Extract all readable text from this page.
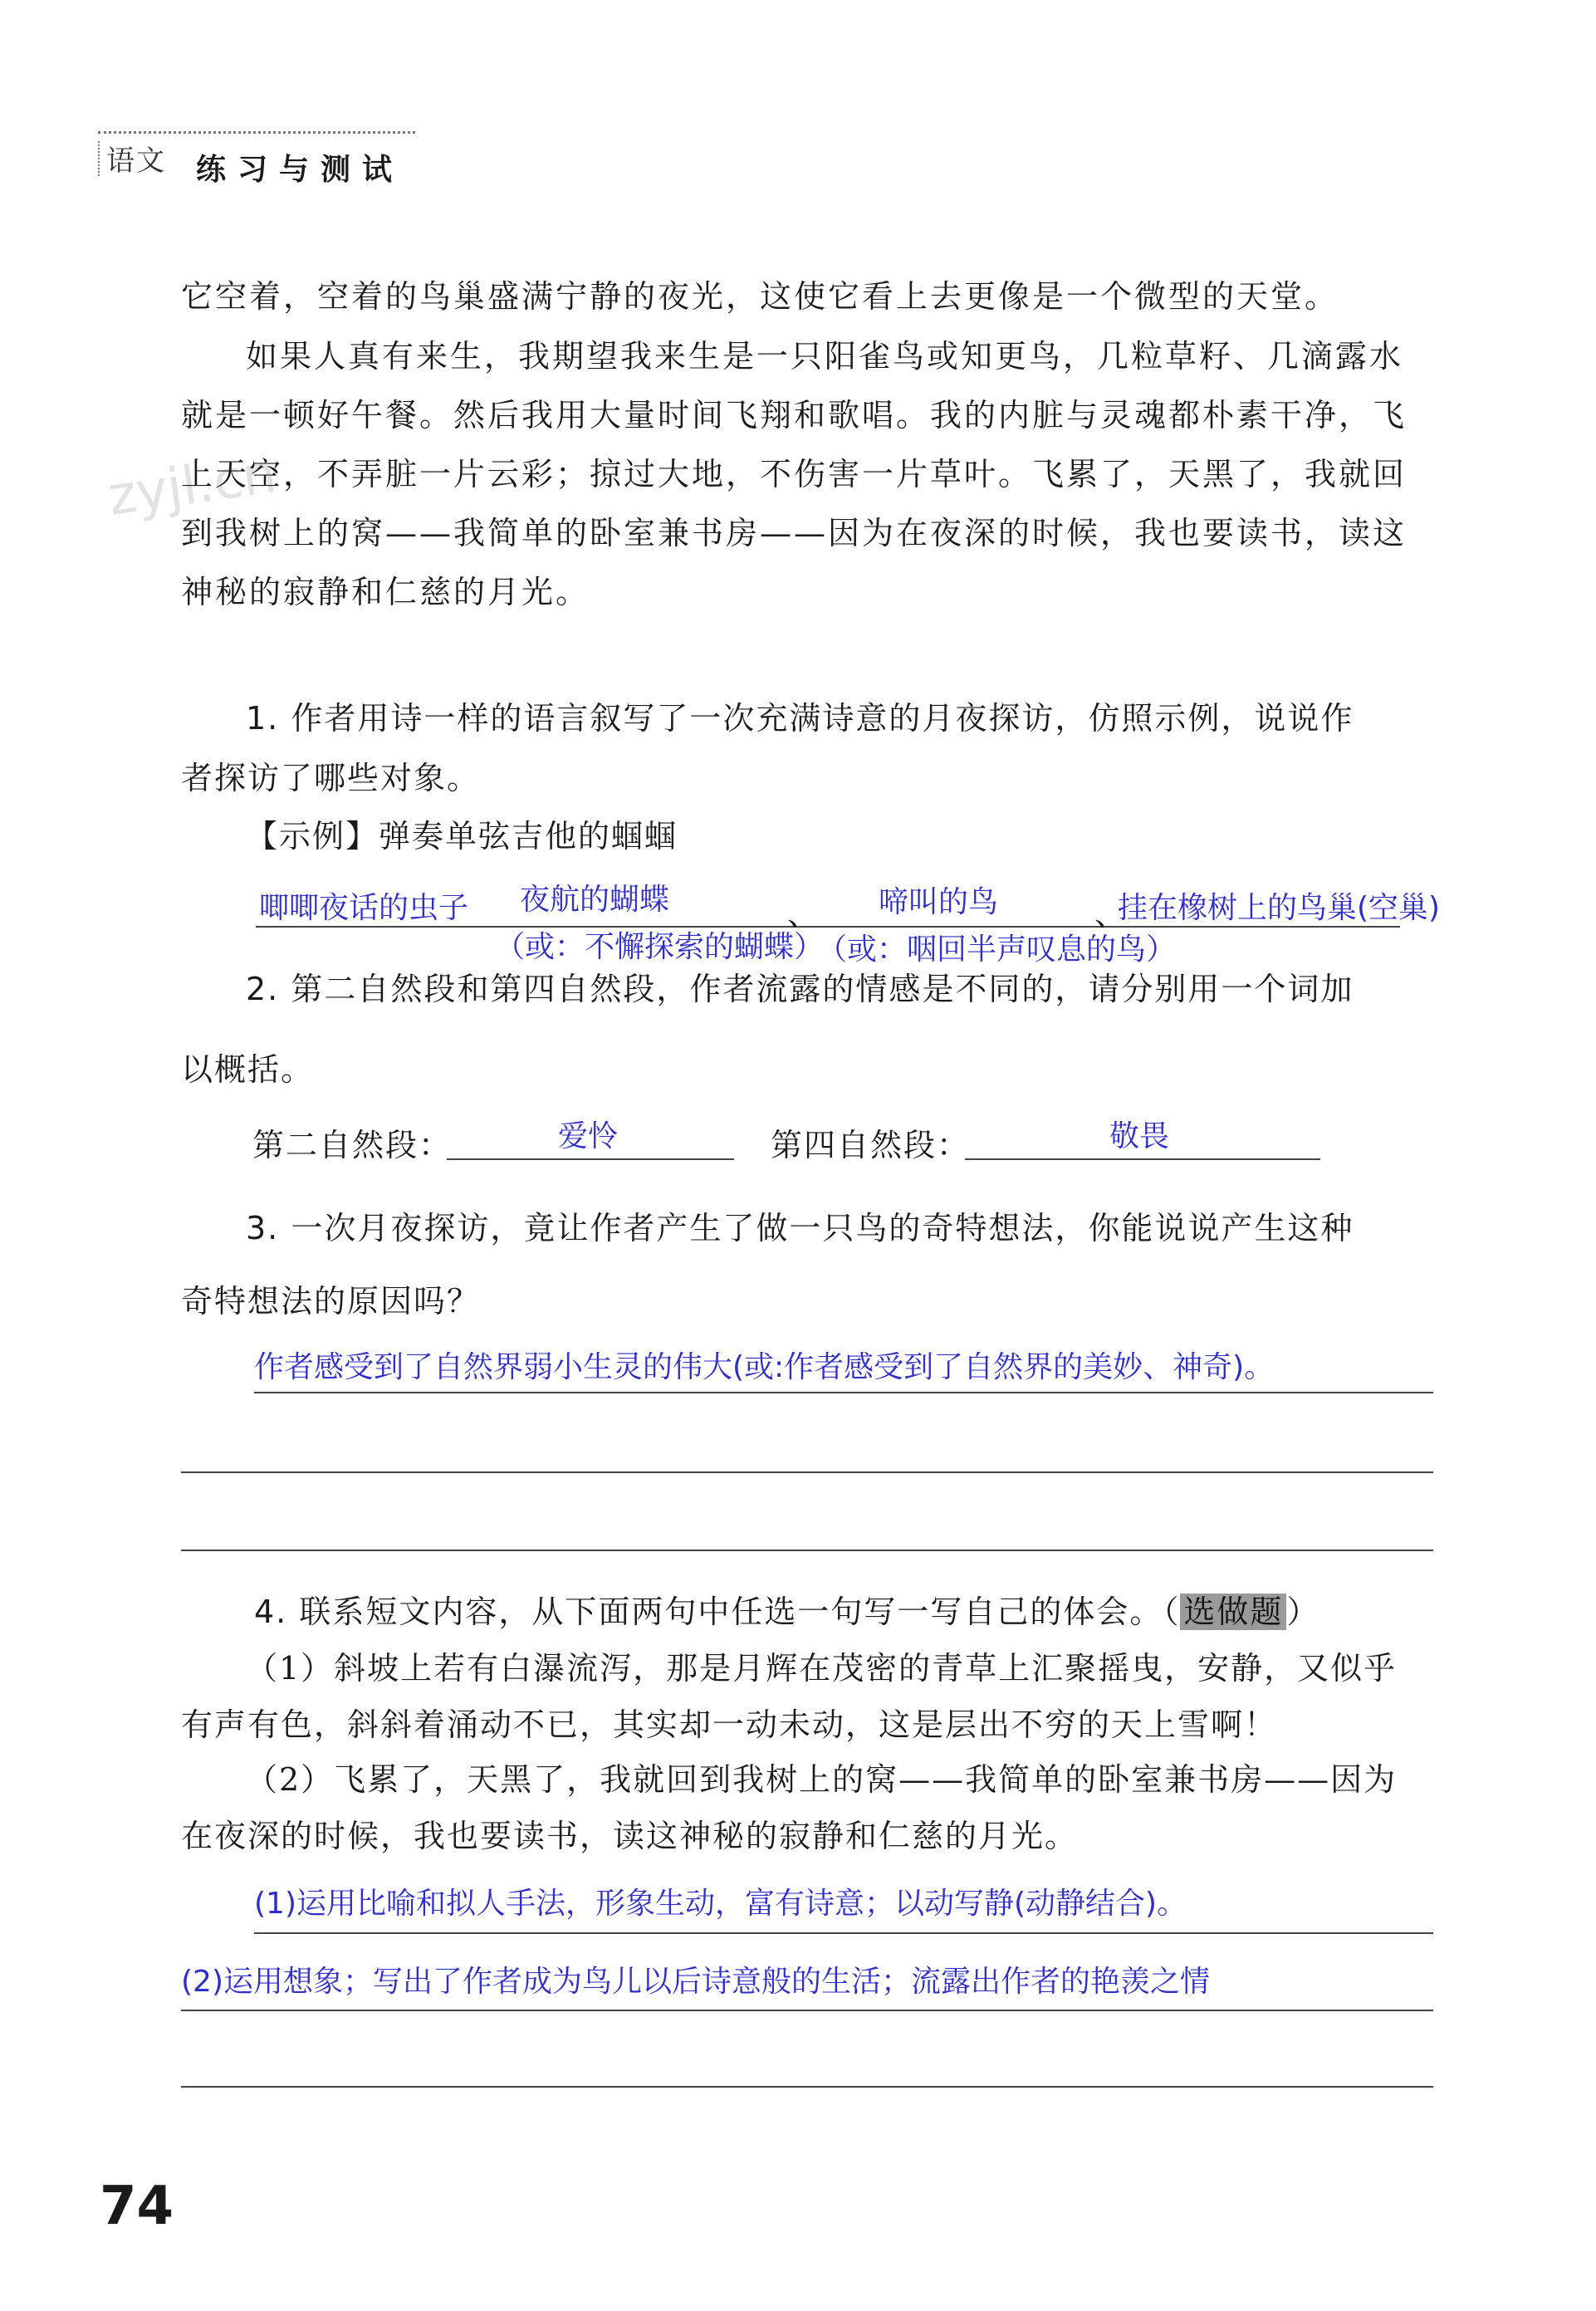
语文 练习与测试
zyjl.cn
它空着，空着的鸟巢盛满宁静的夜光，这使它看上去更像是一个微型的天堂。
如果人真有来生，我期望我来生是一只阳雀鸟或知更鸟，几粒草籽、几滴露水就是一顿好午餐。然后我用大量时间飞翔和歌唱。我的内脏与灵魂都朴素干净，飞上天空，不弄脏一片云彩；掠过大地，不伤害一片草叶。飞累了，天黑了，我就回到我树上的窝——我简单的卧室兼书房——因为在夜深的时候，我也要读书，读这神秘的寂静和仁慈的月光。
1. 作者用诗一样的语言叙写了一次充满诗意的月夜探访，仿照示例，说说作
者探访了哪些对象。
【示例】弹奏单弦吉他的蝈蝈
唧唧夜话的虫子 夜航的蝴蝶	、 啼叫的鸟	、
挂在橡树上的鸟巢(空巢)
（或：不懈探索的蝴蝶）
（或：咽回半声叹息的鸟）
2. 第二自然段和第四自然段，作者流露的情感是不同的，请分别用一个词加
以概括。
第二自然段：	爱怜	第四自然段：	敬畏
3. 一次月夜探访，竟让作者产生了做一只鸟的奇特想法，你能说说产生这种
奇特想法的原因吗？
作者感受到了自然界弱小生灵的伟大(或:作者感受到了自然界的美妙、神奇)。
4. 联系短文内容，从下面两句中任选一句写一写自己的体会。（ 选做题 ）
（1）斜坡上若有白瀑流泻，那是月辉在茂密的青草上汇聚摇曳，安静，又似乎
有声有色，斜斜着涌动不已，其实却一动未动，这是层出不穷的天上雪啊！
（2）飞累了，天黑了，我就回到我树上的窝——我简单的卧室兼书房——因为
在夜深的时候，我也要读书，读这神秘的寂静和仁慈的月光。
(1)运用比喻和拟人手法，形象生动，富有诗意；以动写静(动静结合)。
(2)运用想象；写出了作者成为鸟儿以后诗意般的生活；流露出作者的艳羡之情
74
